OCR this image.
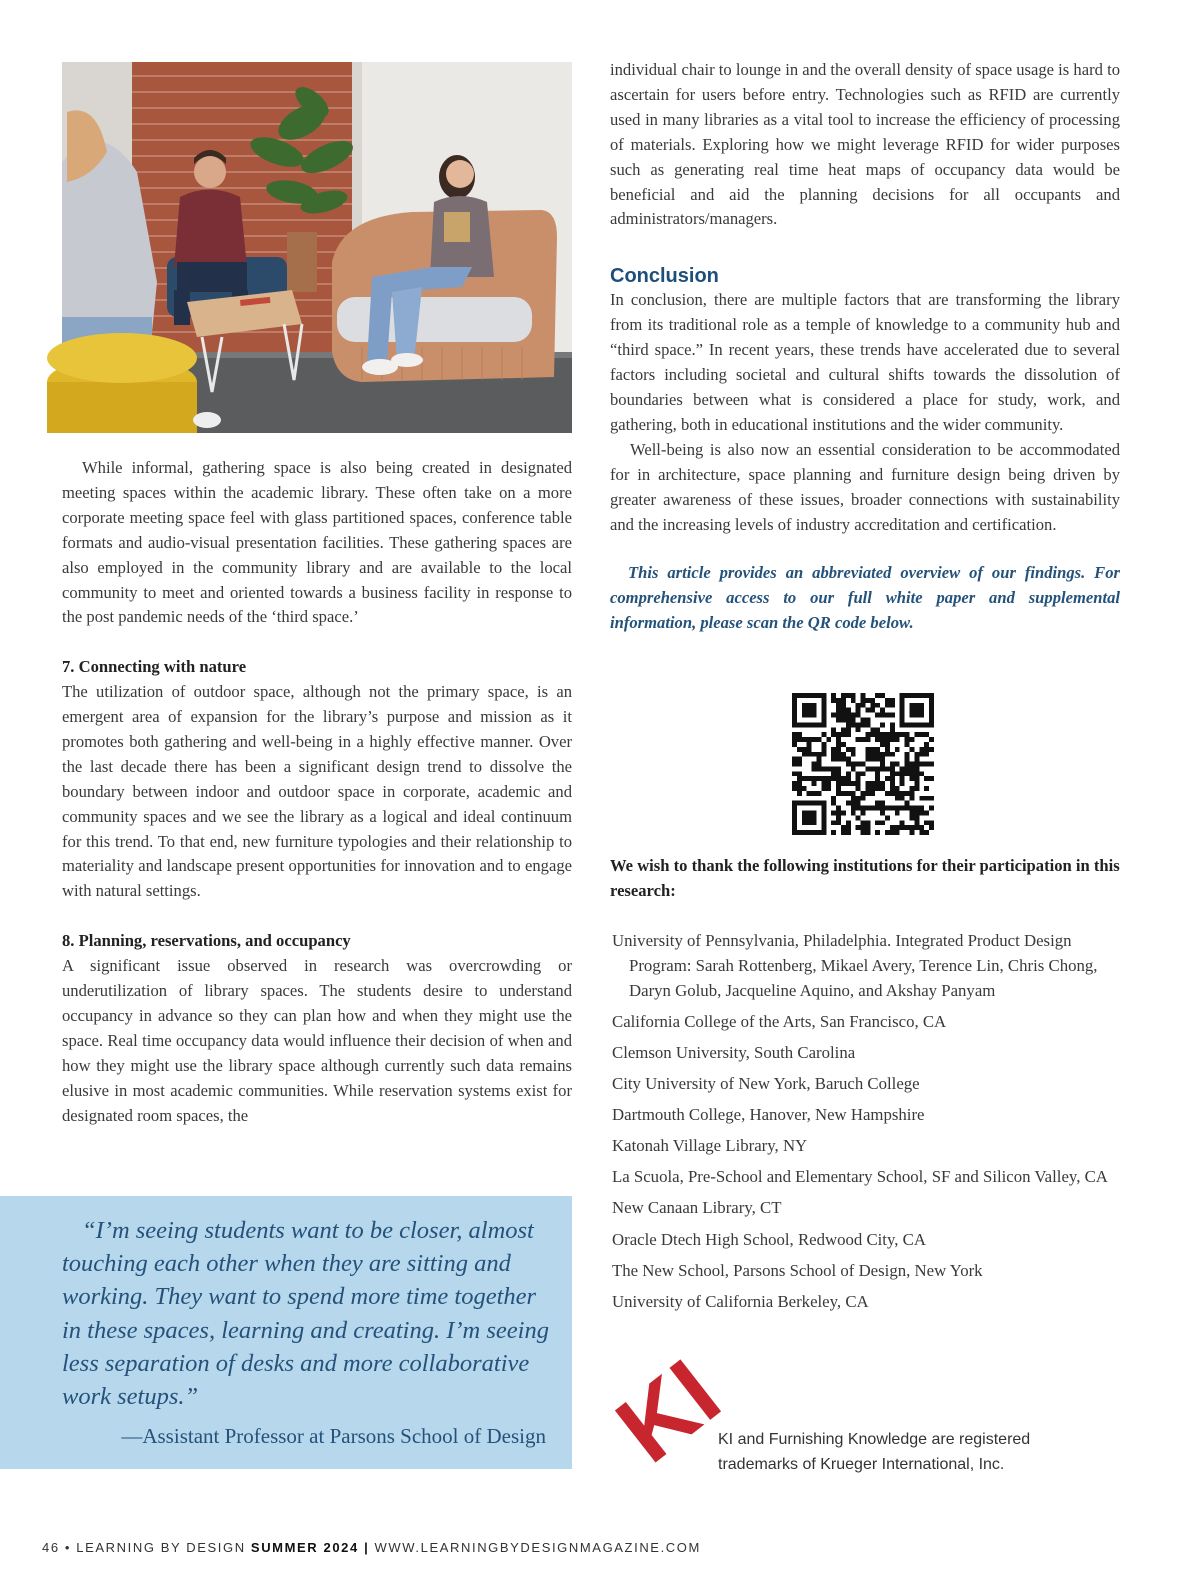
While informal, gathering space is also being created in designated meeting spaces within the academic library. These often take on a more corporate meeting space feel with glass partitioned spaces, conference table formats and audio-visual presentation facilities. These gathering spaces are also employed in the community library and are available to the local community to meet and oriented towards a business facility in response to the post pandemic needs of the ‘third space.’

7. Connecting with nature

The utilization of outdoor space, although not the primary space, is an emergent area of expansion for the library’s purpose and mission as it promotes both gathering and well-being in a highly effective manner. Over the last decade there has been a significant design trend to dissolve the boundary between indoor and outdoor space in corporate, academic and community spaces and we see the library as a logical and ideal continuum for this trend. To that end, new furniture typologies and their relationship to materiality and landscape present opportunities for innovation and to engage with natural settings.

8. Planning, reservations, and occupancy

A significant issue observed in research was overcrowding or underutilization of library spaces. The students desire to understand occupancy in advance so they can plan how and when they might use the space. Real time occupancy data would influence their decision of when and how they might use the library space although currently such data remains elusive in most academic communities. While reservation systems exist for designated room spaces, the

“I’m seeing students want to be closer, almost touching each other when they are sitting and working. They want to spend more time together in these spaces, learning and creating. I’m seeing less separation of desks and more collaborative work setups.”

—Assistant Professor at Parsons School of Design

individual chair to lounge in and the overall density of space usage is hard to ascertain for users before entry. Technologies such as RFID are currently used in many libraries as a vital tool to increase the efficiency of processing of materials. Exploring how we might leverage RFID for wider purposes such as generating real time heat maps of occupancy data would be beneficial and aid the planning decisions for all occupants and administrators/managers.

Conclusion

In conclusion, there are multiple factors that are transforming the library from its traditional role as a temple of knowledge to a community hub and “third space.” In recent years, these trends have accelerated due to several factors including societal and cultural shifts towards the dissolution of boundaries between what is considered a place for study, work, and gathering, both in educational institutions and the wider community.

Well-being is also now an essential consideration to be accommodated for in architecture, space planning and furniture design being driven by greater awareness of these issues, broader connections with sustainability and the increasing levels of industry accreditation and certification.

This article provides an abbreviated overview of our findings. For comprehensive access to our full white paper and supplemental information, please scan the QR code below.

We wish to thank the following institutions for their participation in this research:

University of Pennsylvania, Philadelphia. Integrated Product Design Program: Sarah Rottenberg, Mikael Avery, Terence Lin, Chris Chong, Daryn Golub, Jacqueline Aquino, and Akshay Panyam
California College of the Arts, San Francisco, CA
Clemson University, South Carolina
City University of New York, Baruch College
Dartmouth College, Hanover, New Hampshire
Katonah Village Library, NY
La Scuola, Pre-School and Elementary School, SF and Silicon Valley, CA
New Canaan Library, CT
Oracle Dtech High School, Redwood City, CA
The New School, Parsons School of Design, New York
University of California Berkeley, CA
KI

KI and Furnishing Knowledge are registered trademarks of Krueger International, Inc.

46 • LEARNING BY DESIGN SUMMER 2024 | WWW.LEARNINGBYDESIGNMAGAZINE.COM
